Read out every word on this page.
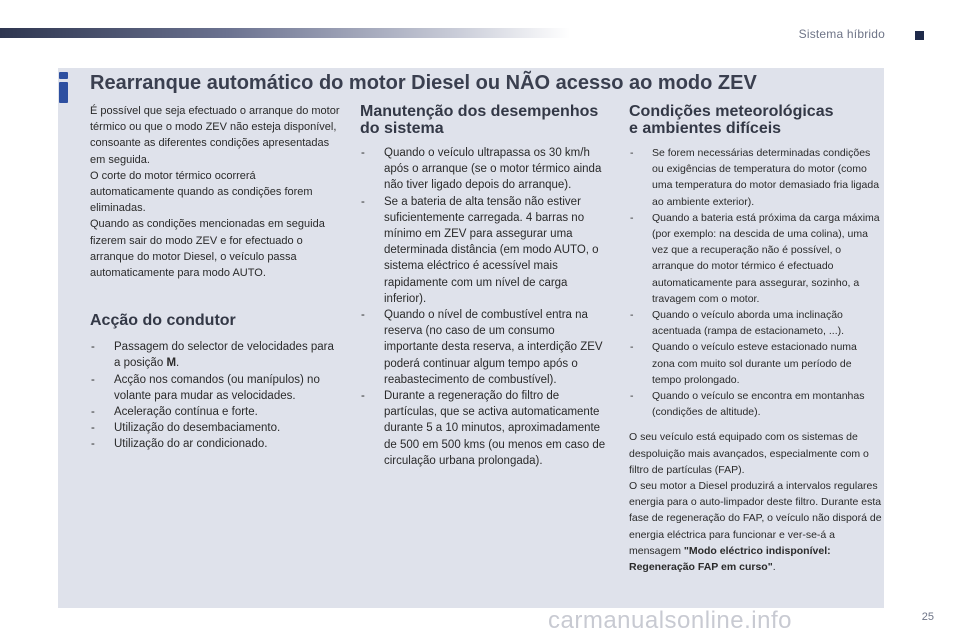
Sistema híbrido
Rearranque automático do motor Diesel ou NÃO acesso ao modo ZEV

É possível que seja efectuado o arranque do motor térmico ou que o modo ZEV não esteja disponível, consoante as diferentes condições apresentadas em seguida.

O corte do motor térmico ocorrerá automaticamente quando as condições forem eliminadas.

Quando as condições mencionadas em seguida fizerem sair do modo ZEV e for efectuado o arranque do motor Diesel, o veículo passa automaticamente para modo AUTO.

Acção do condutor
- Passagem do selector de velocidades para a posição M.
- Acção nos comandos (ou manípulos) no volante para mudar as velocidades.
- Aceleração contínua e forte.
- Utilização do desembaciamento.
- Utilização do ar condicionado.
Manutenção dos desempenhos
do sistema
- Quando o veículo ultrapassa os 30 km/h após o arranque (se o motor térmico ainda não tiver ligado depois do arranque).
- Se a bateria de alta tensão não estiver suficientemente carregada. 4 barras no mínimo em ZEV para assegurar uma determinada distância (em modo AUTO, o sistema eléctrico é acessível mais rapidamente com um nível de carga inferior).
- Quando o nível de combustível entra na reserva (no caso de um consumo importante desta reserva, a interdição ZEV poderá continuar algum tempo após o reabastecimento de combustível).
- Durante a regeneração do filtro de partículas, que se activa automaticamente durante 5 a 10 minutos, aproximadamente de 500 em 500 kms (ou menos em caso de circulação urbana prolongada).
Condições meteorológicas
e ambientes difíceis
- Se forem necessárias determinadas condições ou exigências de temperatura do motor (como uma temperatura do motor demasiado fria ligada ao ambiente exterior).
- Quando a bateria está próxima da carga máxima (por exemplo: na descida de uma colina), uma vez que a recuperação não é possível, o arranque do motor térmico é efectuado automaticamente para assegurar, sozinho, a travagem com o motor.
- Quando o veículo aborda uma inclinação acentuada (rampa de estacionameto, ...).
- Quando o veículo esteve estacionado numa zona com muito sol durante um período de tempo prolongado.
- Quando o veículo se encontra em montanhas (condições de altitude).

O seu veículo está equipado com os sistemas de despoluição mais avançados, especialmente com o filtro de partículas (FAP).

O seu motor a Diesel produzirá a intervalos regulares energia para o auto-limpador deste filtro. Durante esta fase de regeneração do FAP, o veículo não disporá de energia eléctrica para funcionar e ver-se-á a mensagem "Modo eléctrico indisponível: Regeneração FAP em curso".

carmanualsonline.info	25
